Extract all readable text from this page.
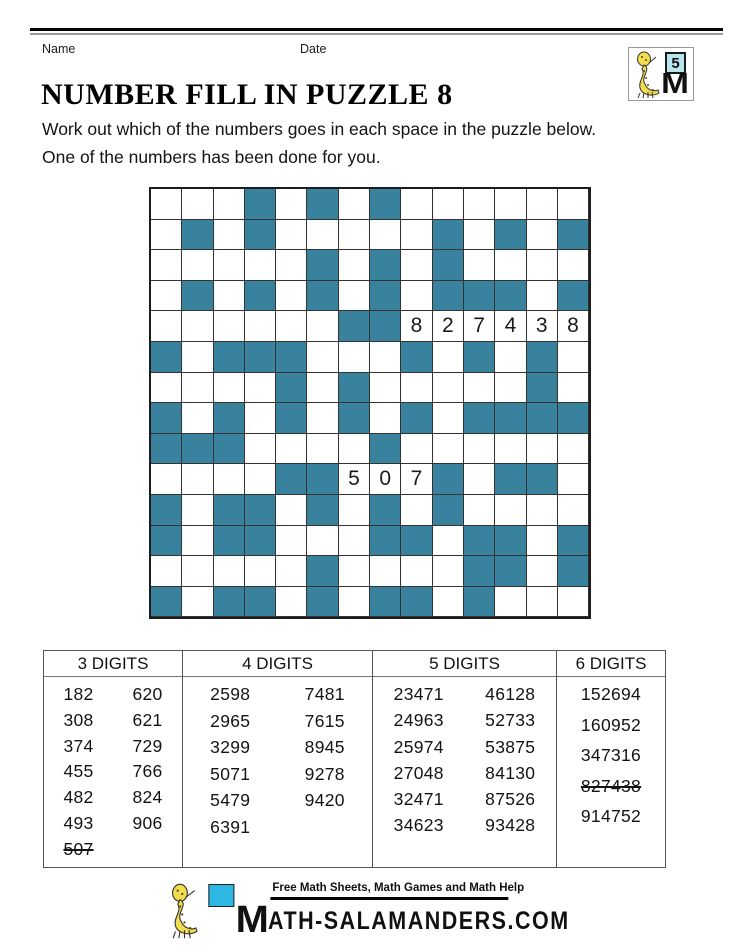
Name	Date
5
M
NUMBER FILL IN PUZZLE 8
Work out which of the numbers goes in each space in the puzzle below.
One of the numbers has been done for you.
8 2 7 4 3 8
5 0 7
3 DIGITS
182
308
374
455
482
493
507
620
621
729
766
824
906
4 DIGITS
2598
2965
3299
5071
5479
6391
7481
7615
8945
9278
9420
5 DIGITS
23471
24963
25974
27048
32471
34623
46128
52733
53875
84130
87526
93428
6 DIGITS
152694
160952
347316
827438
914752
Free Math Sheets, Math Games and Math Help
MATH-SALAMANDERS.COM
